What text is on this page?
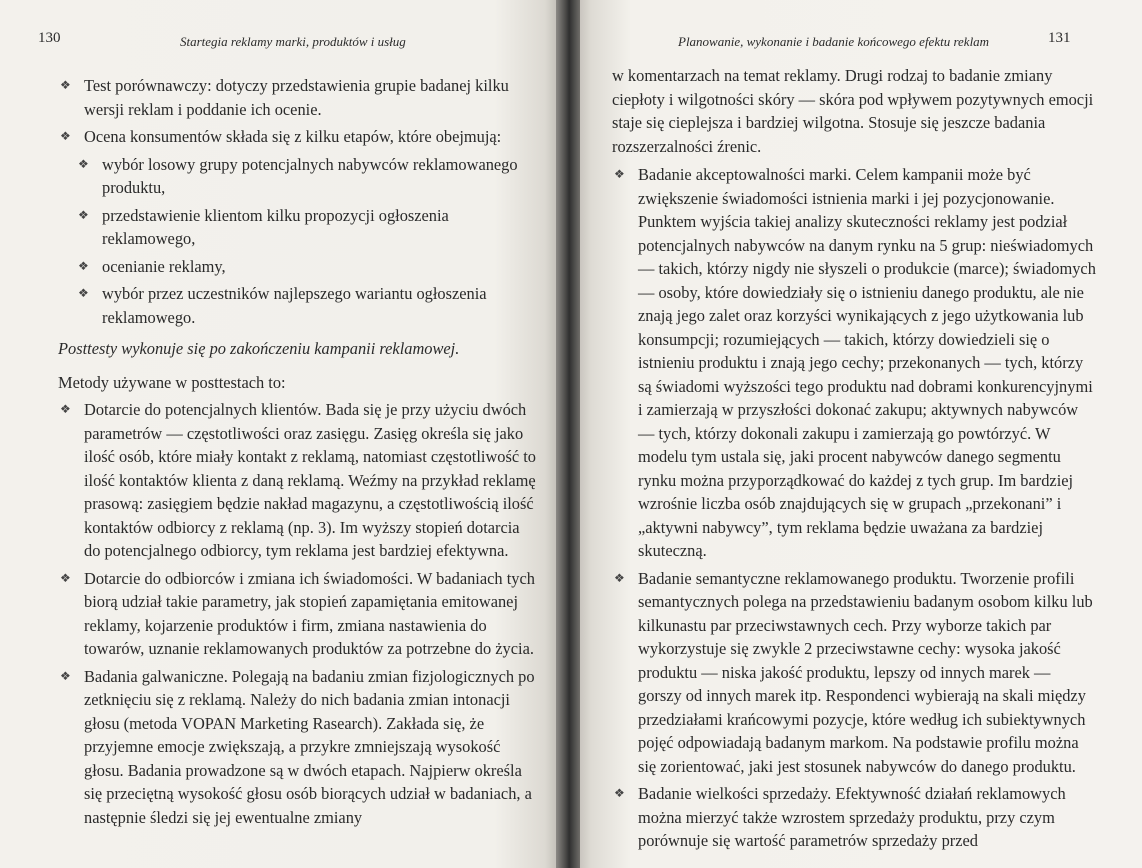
130	Startegia reklamy marki, produktów i usług
❖ Test porównawczy: dotyczy przedstawienia grupie badanej kilku wersji reklam i poddanie ich ocenie.
❖ Ocena konsumentów składa się z kilku etapów, które obejmują:
❖ wybór losowy grupy potencjalnych nabywców reklamowanego produktu,
❖ przedstawienie klientom kilku propozycji ogłoszenia reklamowego,
❖ ocenianie reklamy,
❖ wybór przez uczestników najlepszego wariantu ogłoszenia reklamowego.

Posttesty wykonuje się po zakończeniu kampanii reklamowej.

Metody używane w posttestach to:

❖ Dotarcie do potencjalnych klientów. Bada się je przy użyciu dwóch parametrów — częstotliwości oraz zasięgu. Zasięg określa się jako ilość osób, które miały kontakt z reklamą, natomiast częstotliwość to ilość kontaktów klienta z daną reklamą. Weźmy na przykład reklamę prasową: zasięgiem będzie nakład magazynu, a częstotliwością ilość kontaktów odbiorcy z reklamą (np. 3). Im wyższy stopień dotarcia do potencjalnego odbiorcy, tym reklama jest bardziej efektywna.
❖ Dotarcie do odbiorców i zmiana ich świadomości. W badaniach tych biorą udział takie parametry, jak stopień zapamiętania emitowanej reklamy, kojarzenie produktów i firm, zmiana nastawienia do towarów, uznanie reklamowanych produktów za potrzebne do życia.
❖ Badania galwaniczne. Polegają na badaniu zmian fizjologicznych po zetknięciu się z reklamą. Należy do nich badania zmian intonacji głosu (metoda VOPAN Marketing Rasearch). Zakłada się, że przyjemne emocje zwiększają, a przykre zmniejszają wysokość głosu. Badania prowadzone są w dwóch etapach. Najpierw określa się przeciętną wysokość głosu osób biorących udział w badaniach, a następnie śledzi się jej ewentualne zmiany
Planowanie, wykonanie i badanie końcowego efektu reklam	131

w komentarzach na temat reklamy. Drugi rodzaj to badanie zmiany ciepłoty i wilgotności skóry — skóra pod wpływem pozytywnych emocji staje się cieplejsza i bardziej wilgotna. Stosuje się jeszcze badania rozszerzalności źrenic.

❖ Badanie akceptowalności marki. Celem kampanii może być zwiększenie świadomości istnienia marki i jej pozycjonowanie. Punktem wyjścia takiej analizy skuteczności reklamy jest podział potencjalnych nabywców na danym rynku na 5 grup: nieświadomych — takich, którzy nigdy nie słyszeli o produkcie (marce); świadomych — osoby, które dowiedziały się o istnieniu danego produktu, ale nie znają jego zalet oraz korzyści wynikających z jego użytkowania lub konsumpcji; rozumiejących — takich, którzy dowiedzieli się o istnieniu produktu i znają jego cechy; przekonanych — tych, którzy są świadomi wyższości tego produktu nad dobrami konkurencyjnymi i zamierzają w przyszłości dokonać zakupu; aktywnych nabywców — tych, którzy dokonali zakupu i zamierzają go powtórzyć. W modelu tym ustala się, jaki procent nabywców danego segmentu rynku można przyporządkować do każdej z tych grup. Im bardziej wzrośnie liczba osób znajdujących się w grupach „przekonani” i „aktywni nabywcy”, tym reklama będzie uważana za bardziej skuteczną.
❖ Badanie semantyczne reklamowanego produktu. Tworzenie profili semantycznych polega na przedstawieniu badanym osobom kilku lub kilkunastu par przeciwstawnych cech. Przy wyborze takich par wykorzystuje się zwykle 2 przeciwstawne cechy: wysoka jakość produktu — niska jakość produktu, lepszy od innych marek — gorszy od innych marek itp. Respondenci wybierają na skali między przedziałami krańcowymi pozycje, które według ich subiektywnych pojęć odpowiadają badanym markom. Na podstawie profilu można się zorientować, jaki jest stosunek nabywców do danego produktu.
❖ Badanie wielkości sprzedaży. Efektywność działań reklamowych można mierzyć także wzrostem sprzedaży produktu, przy czym porównuje się wartość parametrów sprzedaży przed
